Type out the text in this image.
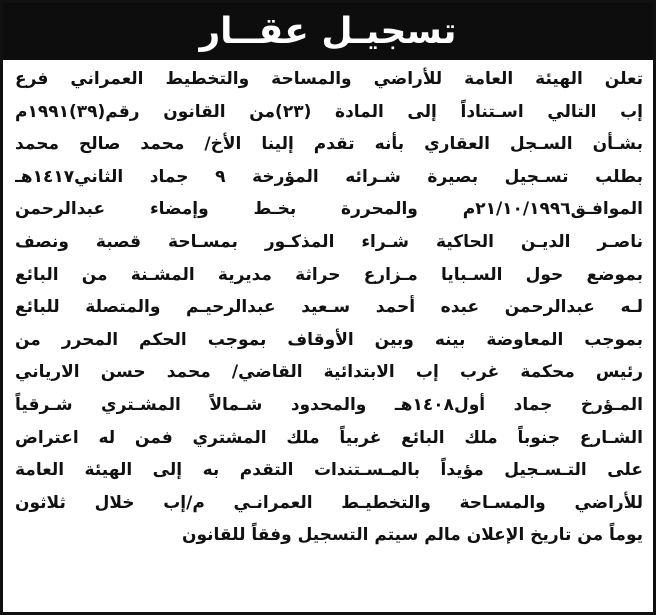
تسجيـل عقــار
تعلن الهيئة العامة للأراضي والمساحة والتخطيط العمراني فرع
إب التالي اسـتناداً إلى المادة (٢٣)من القانون رقم(٣٩)١٩٩١م
بشـأن السـجل العقاري بأنه تقدم إلينا الأخ/ محمد صالح محمد
بطلب تسـجيل بصيرة شـرائه المؤرخة ٩ جماد الثاني١٤١٧هـ
الموافـق٢١/١٠/١٩٩٦م والمحررة بخـط وإمضاء عبدالرحمن
ناصـر الديـن الحاكية شـراء المذكـور بمسـاحة قصبة ونصف
بموضع حول السـبايا مـزارع حراثة مديرية المشـنة من البائع
لـه عبدالرحمن عبده أحمد سـعيد عبدالرحيـم والمتصلة للبائع
بموجب المعاوضة بينه وبين الأوقاف بموجب الحكم المحرر من
رئيس محكمة غرب إب الابتدائية القاضي/ محمد حسن الارياني
المـؤرخ جماد أول١٤٠٨هـ والمحدود شـمالاً المشـتري شـرقياً
الشـارع جنوباً ملك البائع غربياً ملك المشتري فمن له اعتراض
على التـسـجيل مؤيداً بالمـسـتندات التقدم به إلى الهيئة العامة
للأراضي والمسـاحة والتخطيـط العمرانـي م/إب خلال ثلاثون
يوماً من تاريخ الإعلان مالم سيتم التسجيل وفقاً للقانون
